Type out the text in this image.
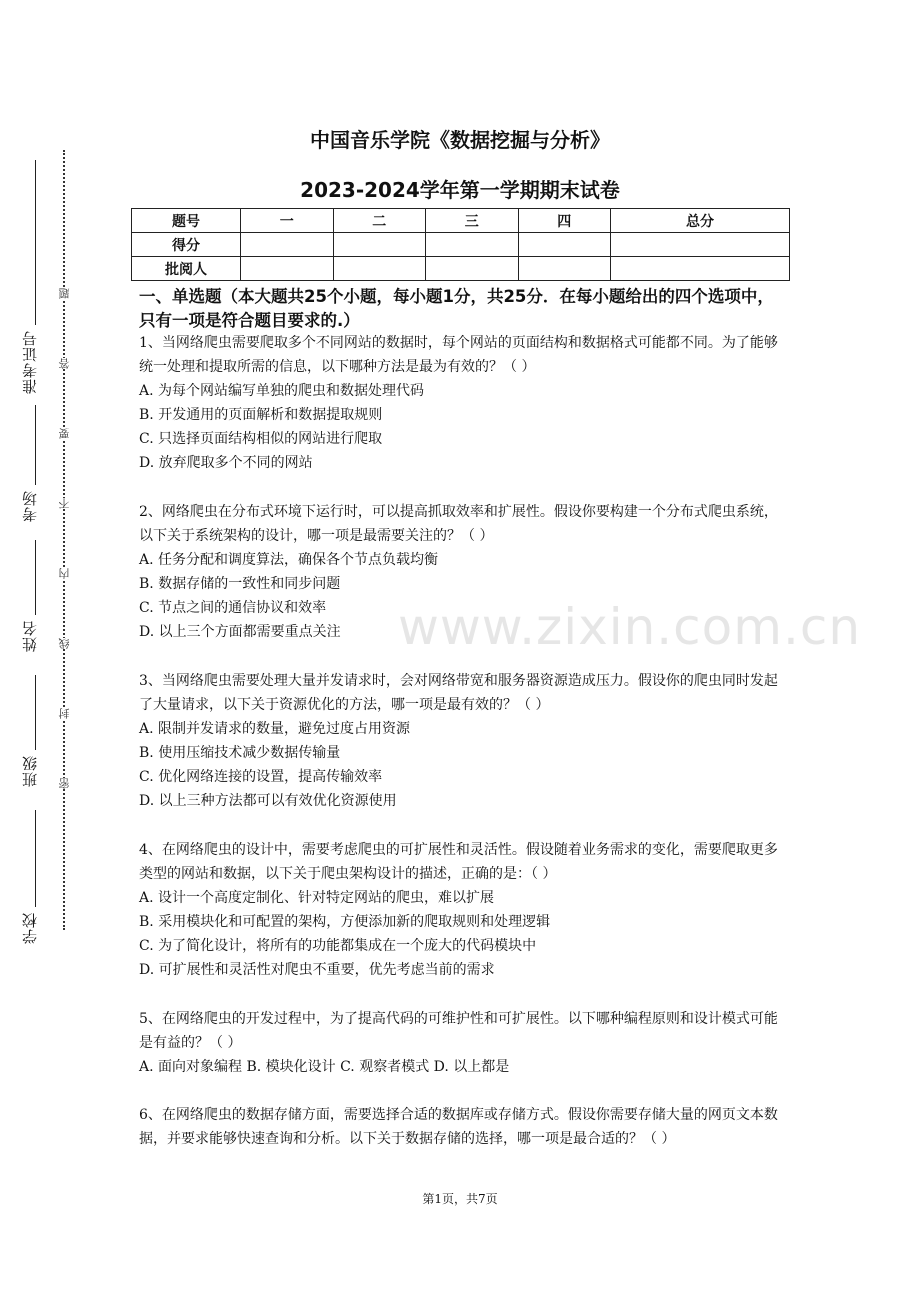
准考证号
考场
姓名
班级
学校
题
答
要
不
内
线
封
密
中国音乐学院《数据挖掘与分析》
2023-2024学年第一学期期末试卷
题号	一	二	三	四	总分
得分					
批阅人					
一、单选题（本大题共25个小题，每小题1分，共25分．在每小题给出的四个选项中，只有一项是符合题目要求的.）

1、当网络爬虫需要爬取多个不同网站的数据时，每个网站的页面结构和数据格式可能都不同。为了能够统一处理和提取所需的信息，以下哪种方法是最为有效的？（ ）

A. 为每个网站编写单独的爬虫和数据处理代码

B. 开发通用的页面解析和数据提取规则

C. 只选择页面结构相似的网站进行爬取

D. 放弃爬取多个不同的网站

2、网络爬虫在分布式环境下运行时，可以提高抓取效率和扩展性。假设你要构建一个分布式爬虫系统，以下关于系统架构的设计，哪一项是最需要关注的？（ ）

A. 任务分配和调度算法，确保各个节点负载均衡

B. 数据存储的一致性和同步问题

C. 节点之间的通信协议和效率

D. 以上三个方面都需要重点关注

3、当网络爬虫需要处理大量并发请求时，会对网络带宽和服务器资源造成压力。假设你的爬虫同时发起了大量请求，以下关于资源优化的方法，哪一项是最有效的？（ ）

A. 限制并发请求的数量，避免过度占用资源

B. 使用压缩技术减少数据传输量

C. 优化网络连接的设置，提高传输效率

D. 以上三种方法都可以有效优化资源使用

4、在网络爬虫的设计中，需要考虑爬虫的可扩展性和灵活性。假设随着业务需求的变化，需要爬取更多类型的网站和数据，以下关于爬虫架构设计的描述，正确的是：（ ）

A. 设计一个高度定制化、针对特定网站的爬虫，难以扩展

B. 采用模块化和可配置的架构，方便添加新的爬取规则和处理逻辑

C. 为了简化设计，将所有的功能都集成在一个庞大的代码模块中

D. 可扩展性和灵活性对爬虫不重要，优先考虑当前的需求

5、在网络爬虫的开发过程中，为了提高代码的可维护性和可扩展性。以下哪种编程原则和设计模式可能是有益的？（ ）

A. 面向对象编程 B. 模块化设计 C. 观察者模式 D. 以上都是

6、在网络爬虫的数据存储方面，需要选择合适的数据库或存储方式。假设你需要存储大量的网页文本数据，并要求能够快速查询和分析。以下关于数据存储的选择，哪一项是最合适的？（ ）

www.zixin.com.cn
第1页，共7页
